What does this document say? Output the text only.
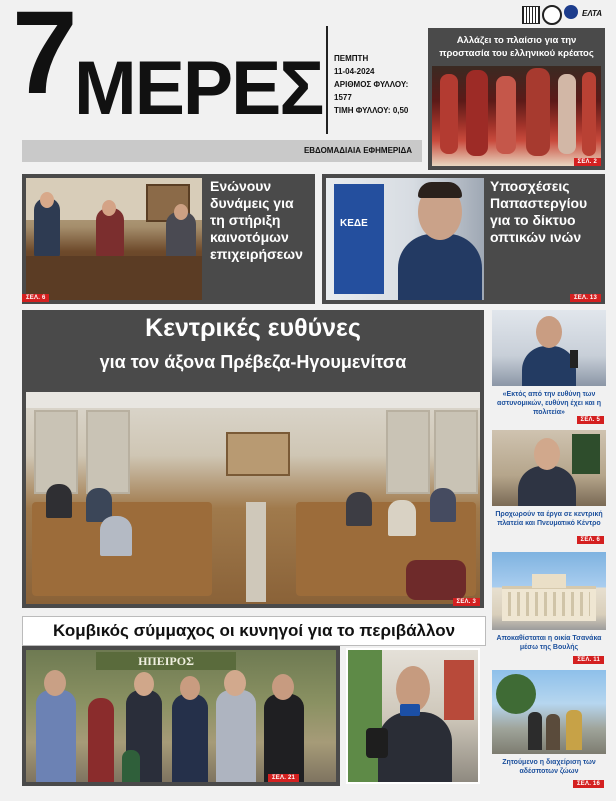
7 ΜΕΡΕΣ ΠΕΜΠΤΗ
11-04-2024
ΑΡΙΘΜΟΣ ΦΥΛΛΟΥ:
1577
ΤΙΜΗ ΦΥΛΛΟΥ: 0,50
ΕΒΔΟΜΑΔΙΑΙΑ ΕΦΗΜΕΡΙΔΑ
ΕΛΤΑ
Αλλάζει το πλαίσιο για την προστασία του ελληνικού κρέατος
ΣΕΛ. 2
Ενώνουν δυνάμεις για τη στήριξη καινοτόμων επιχειρήσεων
ΣΕΛ. 6
ΚΕΔΕ
Υποσχέσεις Παπαστεργίου για το δίκτυο οπτικών ινών
ΣΕΛ. 13
Κεντρικές ευθύνες
για τον άξονα Πρέβεζα-Ηγουμενίτσα
ΣΕΛ. 3
«Εκτός από την ευθύνη των αστυνομικών, ευθύνη έχει και η πολιτεία»
ΣΕΛ. 5
Προχωρούν τα έργα σε κεντρική πλατεία και Πνευματικό Κέντρο
ΣΕΛ. 6
Αποκαθίσταται η οικία Τσανάκα μέσω της Βουλής
ΣΕΛ. 11
Ζητούμενο η διαχείριση των αδέσποτων ζώων
ΣΕΛ. 16
Κομβικός σύμμαχος οι κυνηγοί για το περιβάλλον
ΗΠΕΙΡΟΣ
ΣΕΛ. 21
